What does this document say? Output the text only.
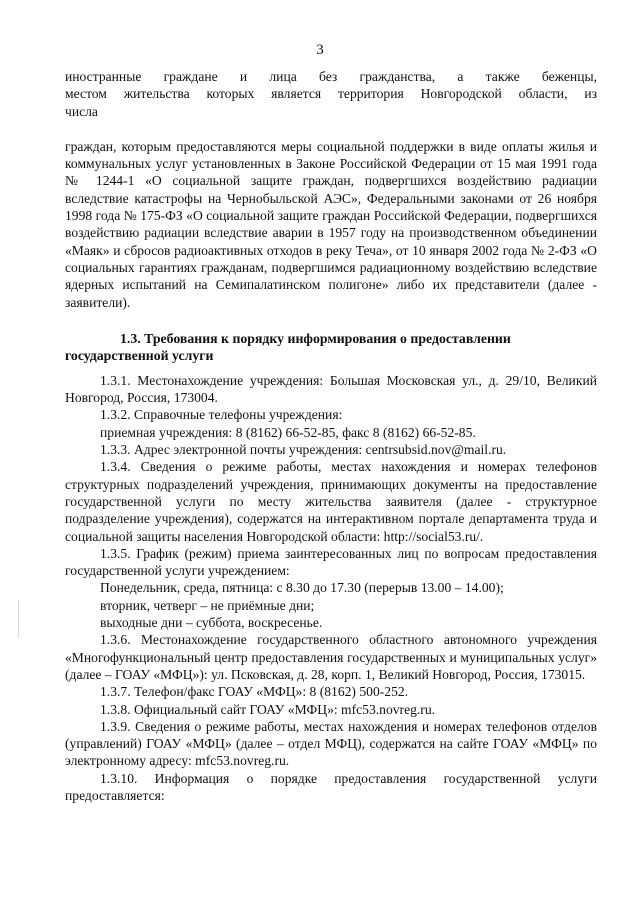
3
иностранные граждане и лица без гражданства, а также беженцы,
местом жительства которых является территория Новгородской области, из
числа

граждан, которым предоставляются меры социальной поддержки в виде оплаты жилья и коммунальных услуг установленных в Законе Российской Федерации от 15 мая 1991 года № 1244-1 «О социальной защите граждан, подвергшихся воздействию радиации вследствие катастрофы на Чернобыльской АЭС», Федеральными законами от 26 ноября 1998 года № 175-ФЗ «О социальной защите граждан Российской Федерации, подвергшихся воздействию радиации вследствие аварии в 1957 году на производственном объединении «Маяк» и сбросов радиоактивных отходов в реку Теча», от 10 января 2002 года № 2-ФЗ «О социальных гарантиях гражданам, подвергшимся радиационному воздействию вследствие ядерных испытаний на Семипалатинском полигоне» либо их представители (далее - заявители).

1.3. Требования к порядку информирования о предоставлении государственной услуги

1.3.1. Местонахождение учреждения: Большая Московская ул., д. 29/10, Великий Новгород, Россия, 173004.

1.3.2. Справочные телефоны учреждения:

приемная учреждения: 8 (8162) 66-52-85, факс 8 (8162) 66-52-85.

1.3.3. Адрес электронной почты учреждения: centrsubsid.nov@mail.ru.

1.3.4. Сведения о режиме работы, местах нахождения и номерах телефонов структурных подразделений учреждения, принимающих документы на предоставление государственной услуги по месту жительства заявителя (далее - структурное подразделение учреждения), содержатся на интерактивном портале департамента труда и социальной защиты населения Новгородской области: http://social53.ru/.

1.3.5. График (режим) приема заинтересованных лиц по вопросам предоставления государственной услуги учреждением:

Понедельник, среда, пятница: с 8.30 до 17.30 (перерыв 13.00 – 14.00);

вторник, четверг – не приёмные дни;

выходные дни – суббота, воскресенье.

1.3.6. Местонахождение государственного областного автономного учреждения «Многофункциональный центр предоставления государственных и муниципальных услуг» (далее – ГОАУ «МФЦ»): ул. Псковская, д. 28, корп. 1, Великий Новгород, Россия, 173015.

1.3.7. Телефон/факс ГОАУ «МФЦ»: 8 (8162) 500-252.

1.3.8. Официальный сайт ГОАУ «МФЦ»: mfc53.novreg.ru.

1.3.9. Сведения о режиме работы, местах нахождения и номерах телефонов отделов (управлений) ГОАУ «МФЦ» (далее – отдел МФЦ), содержатся на сайте ГОАУ «МФЦ» по электронному адресу: mfc53.novreg.ru.

1.3.10. Информация о порядке предоставления государственной услуги предоставляется:
